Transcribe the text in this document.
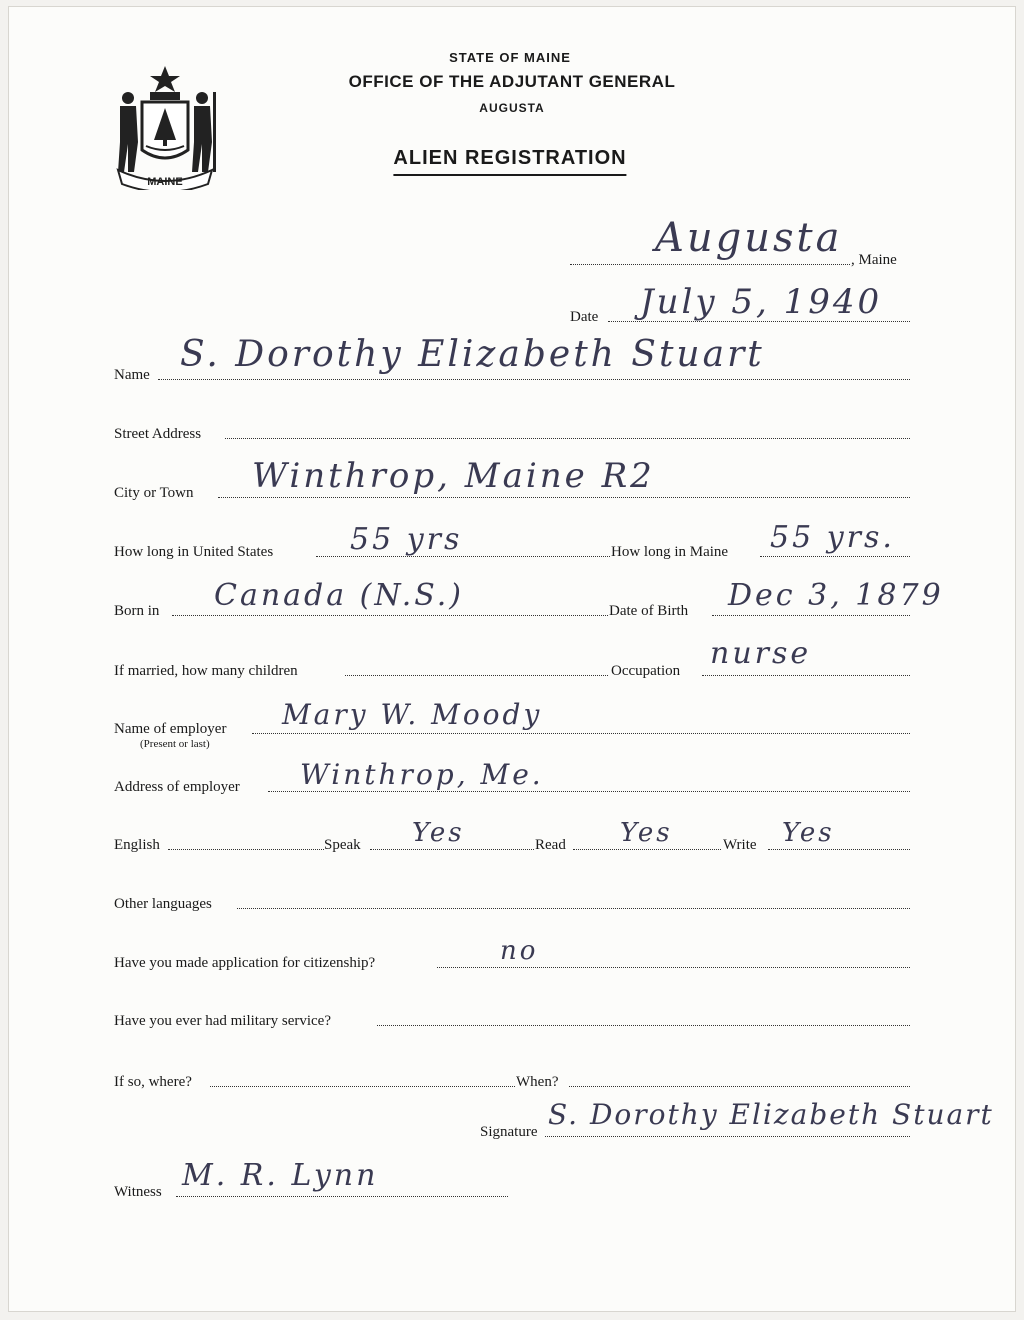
STATE OF MAINE
OFFICE OF THE ADJUTANT GENERAL
AUGUSTA
ALIEN REGISTRATION
MAINE
Augusta , Maine
Date July 5, 1940
Name S. Dorothy Elizabeth Stuart
Street Address
City or Town Winthrop, Maine R2
How long in United States	55 yrs	How long in Maine 55 yrs.
Born in Canada (N.S.)	Date of Birth Dec 3, 1879
If married, how many children	Occupation nurse
Name of employer
(Present or last)
Mary W. Moody
Address of employer Winthrop, Me.
English	Speak Yes	Read Yes	Write Yes
Other languages
Have you made application for citizenship?	no
Have you ever had military service?
If so, where?	When?
Signature
S. Dorothy Elizabeth Stuart
Witness M. R. Lynn
